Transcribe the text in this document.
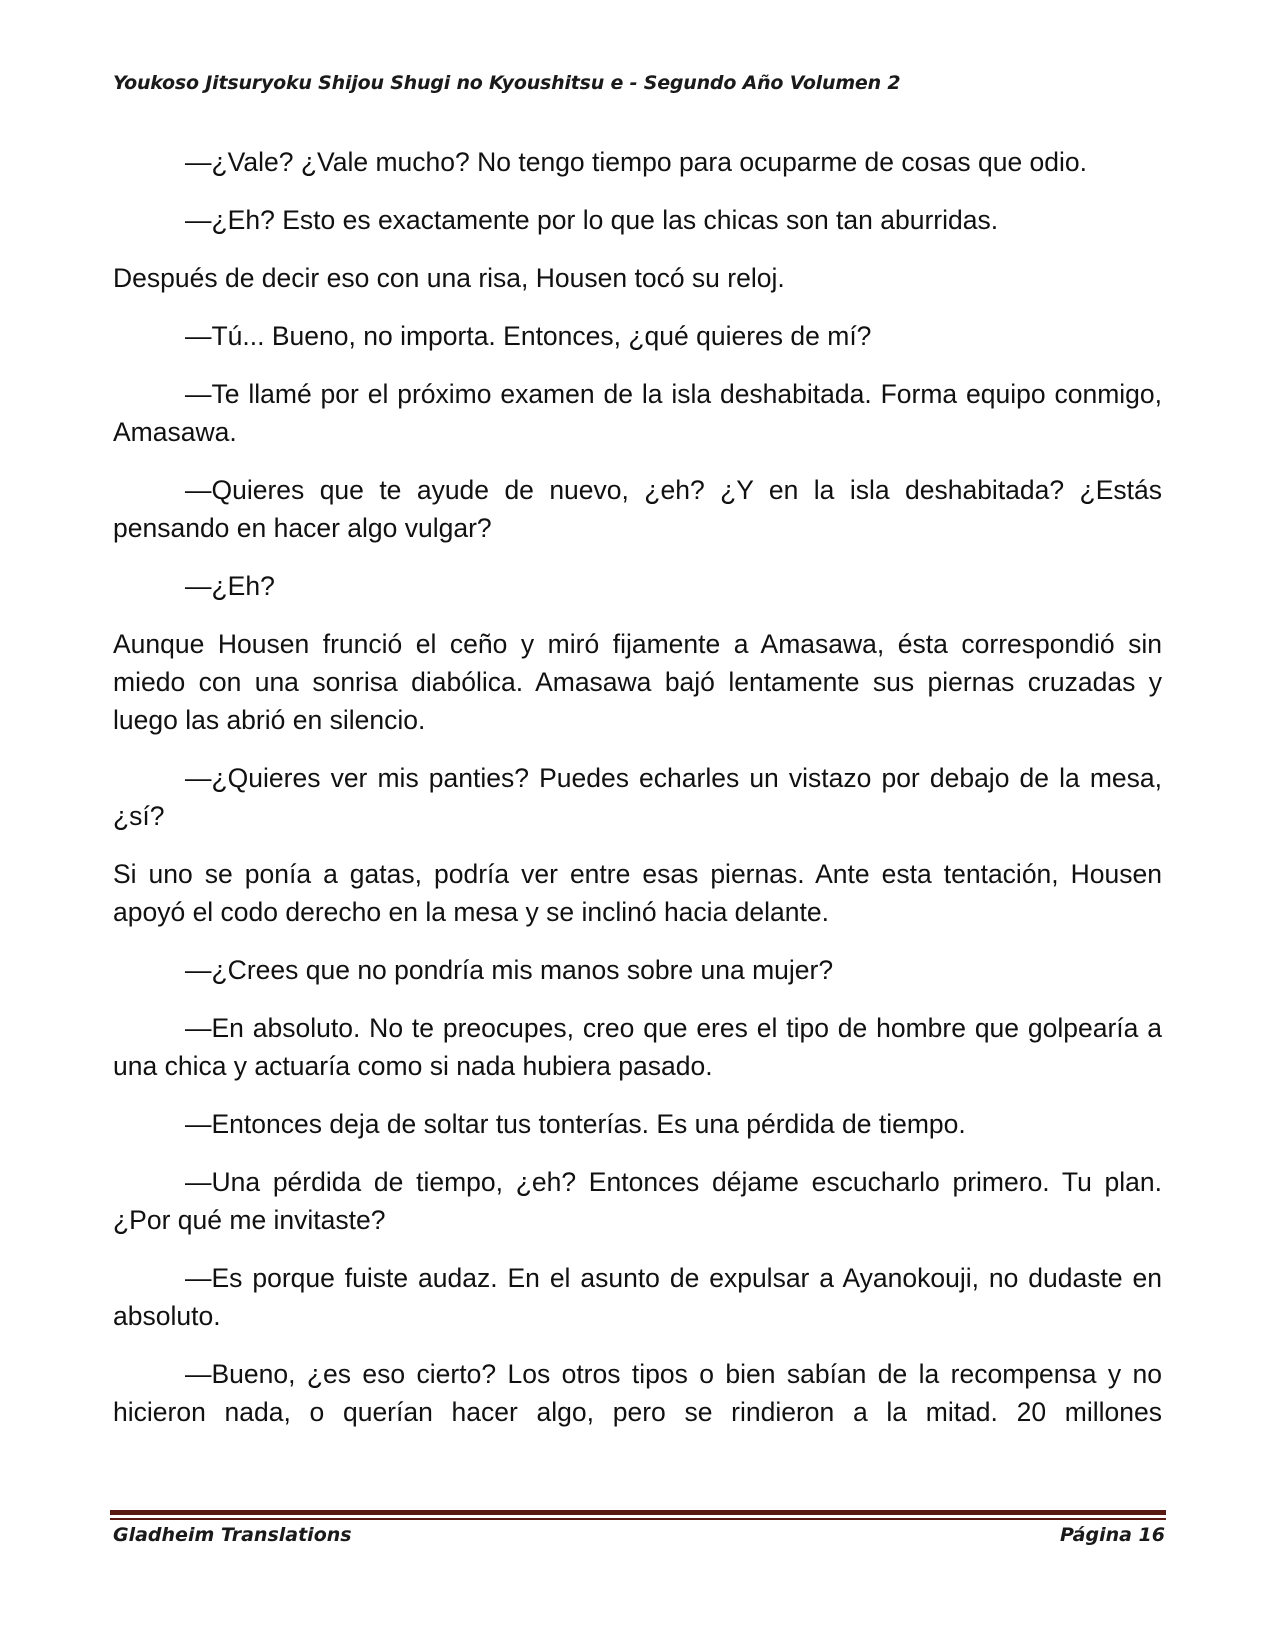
Youkoso Jitsuryoku Shijou Shugi no Kyoushitsu e - Segundo Año Volumen 2

—¿Vale? ¿Vale mucho? No tengo tiempo para ocuparme de cosas que odio.

—¿Eh? Esto es exactamente por lo que las chicas son tan aburridas.

Después de decir eso con una risa, Housen tocó su reloj.

—Tú... Bueno, no importa. Entonces, ¿qué quieres de mí?

—Te llamé por el próximo examen de la isla deshabitada. Forma equipo conmigo, Amasawa.

—Quieres que te ayude de nuevo, ¿eh? ¿Y en la isla deshabitada? ¿Estás pensando en hacer algo vulgar?

—¿Eh?

Aunque Housen frunció el ceño y miró fijamente a Amasawa, ésta correspondió sin miedo con una sonrisa diabólica. Amasawa bajó lentamente sus piernas cruzadas y luego las abrió en silencio.

—¿Quieres ver mis panties? Puedes echarles un vistazo por debajo de la mesa, ¿sí?

Si uno se ponía a gatas, podría ver entre esas piernas. Ante esta tentación, Housen apoyó el codo derecho en la mesa y se inclinó hacia delante.

—¿Crees que no pondría mis manos sobre una mujer?

—En absoluto. No te preocupes, creo que eres el tipo de hombre que golpearía a una chica y actuaría como si nada hubiera pasado.

—Entonces deja de soltar tus tonterías. Es una pérdida de tiempo.

—Una pérdida de tiempo, ¿eh? Entonces déjame escucharlo primero. Tu plan. ¿Por qué me invitaste?

—Es porque fuiste audaz. En el asunto de expulsar a Ayanokouji, no dudaste en absoluto.

—Bueno, ¿es eso cierto? Los otros tipos o bien sabían de la recompensa y no hicieron nada, o querían hacer algo, pero se rindieron a la mitad. 20 millones

Gladheim Translations	Página 16
